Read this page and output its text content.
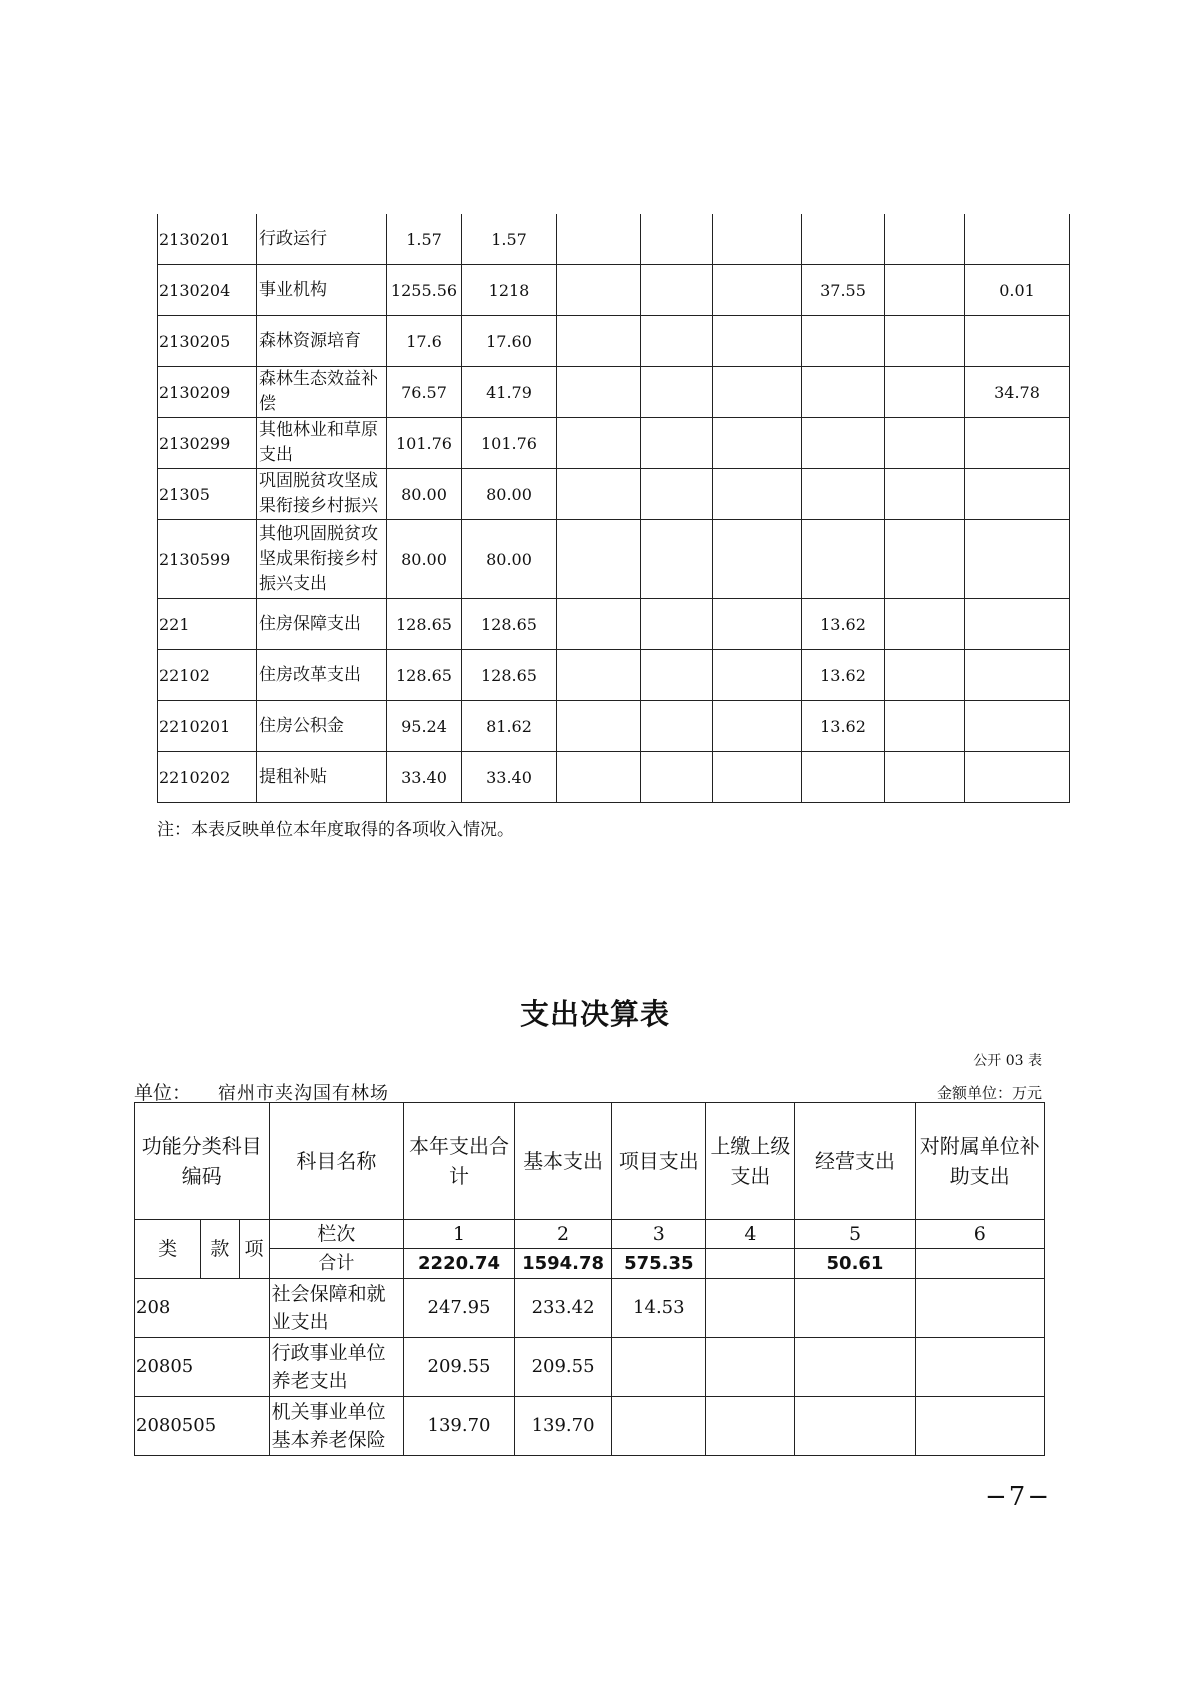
2130201	行政运行	1.57	1.57						
2130204	事业机构	1255.56	1218				37.55		0.01
2130205	森林资源培育	17.6	17.60						
2130209	森林生态效益补偿	76.57	41.79						34.78
2130299	其他林业和草原支出	101.76	101.76						
21305	巩固脱贫攻坚成果衔接乡村振兴	80.00	80.00						
2130599	其他巩固脱贫攻坚成果衔接乡村振兴支出	80.00	80.00						
221	住房保障支出	128.65	128.65				13.62		
22102	住房改革支出	128.65	128.65				13.62		
2210201	住房公积金	95.24	81.62				13.62		
2210202	提租补贴	33.40	33.40						
注：本表反映单位本年度取得的各项收入情况。
支出决算表
公开 03 表
单位： 宿州市夹沟国有林场	金额单位：万元
功能分类科目编码			科目名称	本年支出合计	基本支出	项目支出	上缴上级支出	经营支出	对附属单位补助支出
类	款	项	栏次	1	2	3	4	5	6
			合计	2220.74	1594.78	575.35		50.61	
208			社会保障和就业支出	247.95	233.42	14.53			
20805			行政事业单位养老支出	209.55	209.55				
2080505			机关事业单位基本养老保险	139.70	139.70				
−7−
